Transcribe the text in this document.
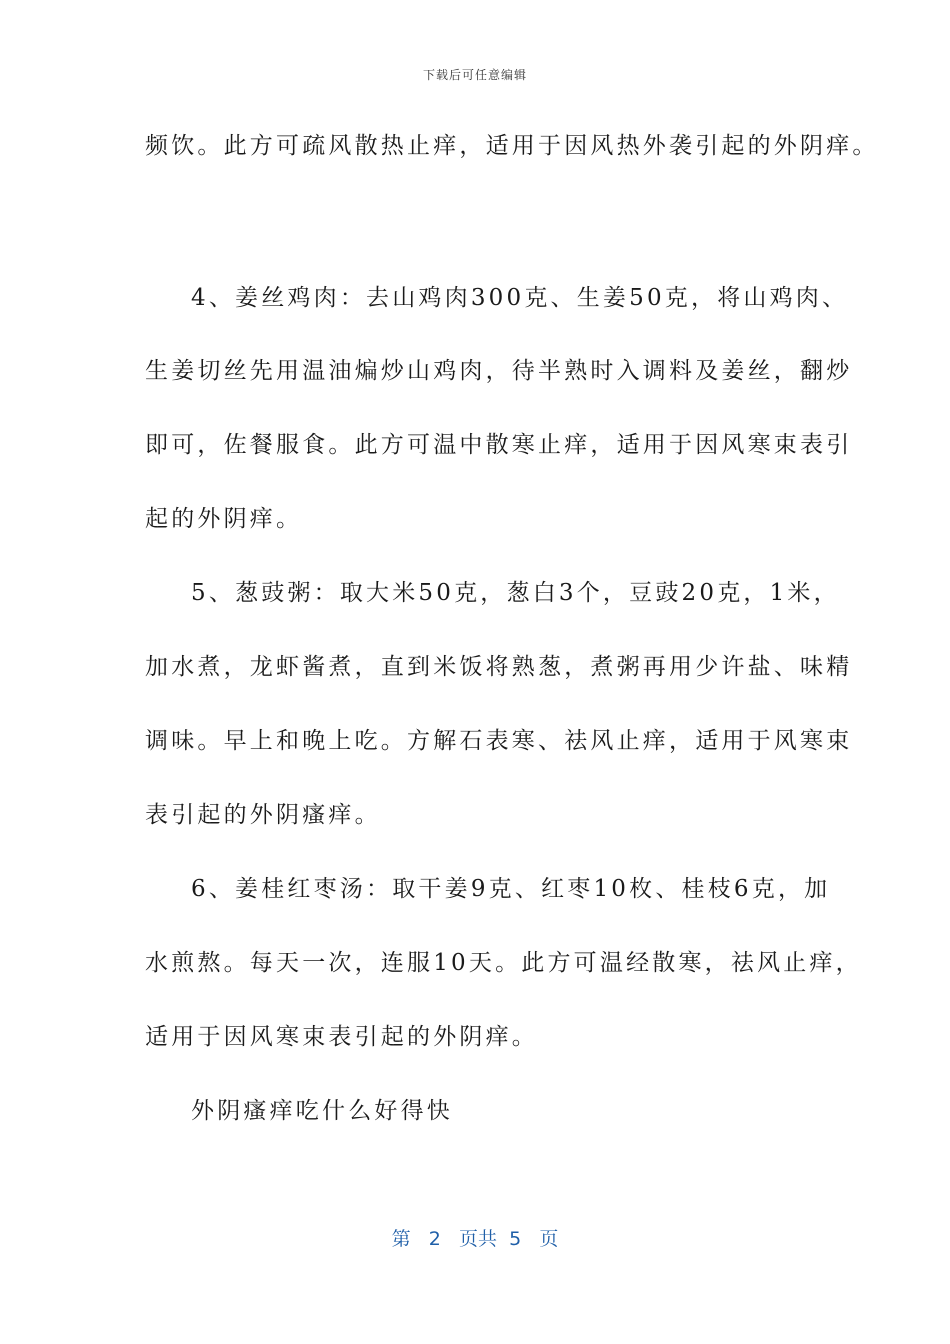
下载后可任意编辑
频饮。此方可疏风散热止痒，适用于因风热外袭引起的外阴痒。
4、姜丝鸡肉：去山鸡肉300克、生姜50克，将山鸡肉、
生姜切丝先用温油煸炒山鸡肉，待半熟时入调料及姜丝，翻炒
即可，佐餐服食。此方可温中散寒止痒，适用于因风寒束表引
起的外阴痒。
5、葱豉粥：取大米50克，葱白3个，豆豉20克，1米，
加水煮，龙虾酱煮，直到米饭将熟葱，煮粥再用少许盐、味精
调味。早上和晚上吃。方解石表寒、祛风止痒，适用于风寒束
表引起的外阴瘙痒。
6、姜桂红枣汤：取干姜9克、红枣10枚、桂枝6克，加
水煎熬。每天一次，连服10天。此方可温经散寒，祛风止痒，
适用于因风寒束表引起的外阴痒。
外阴瘙痒吃什么好得快
第 2 页共 5 页
